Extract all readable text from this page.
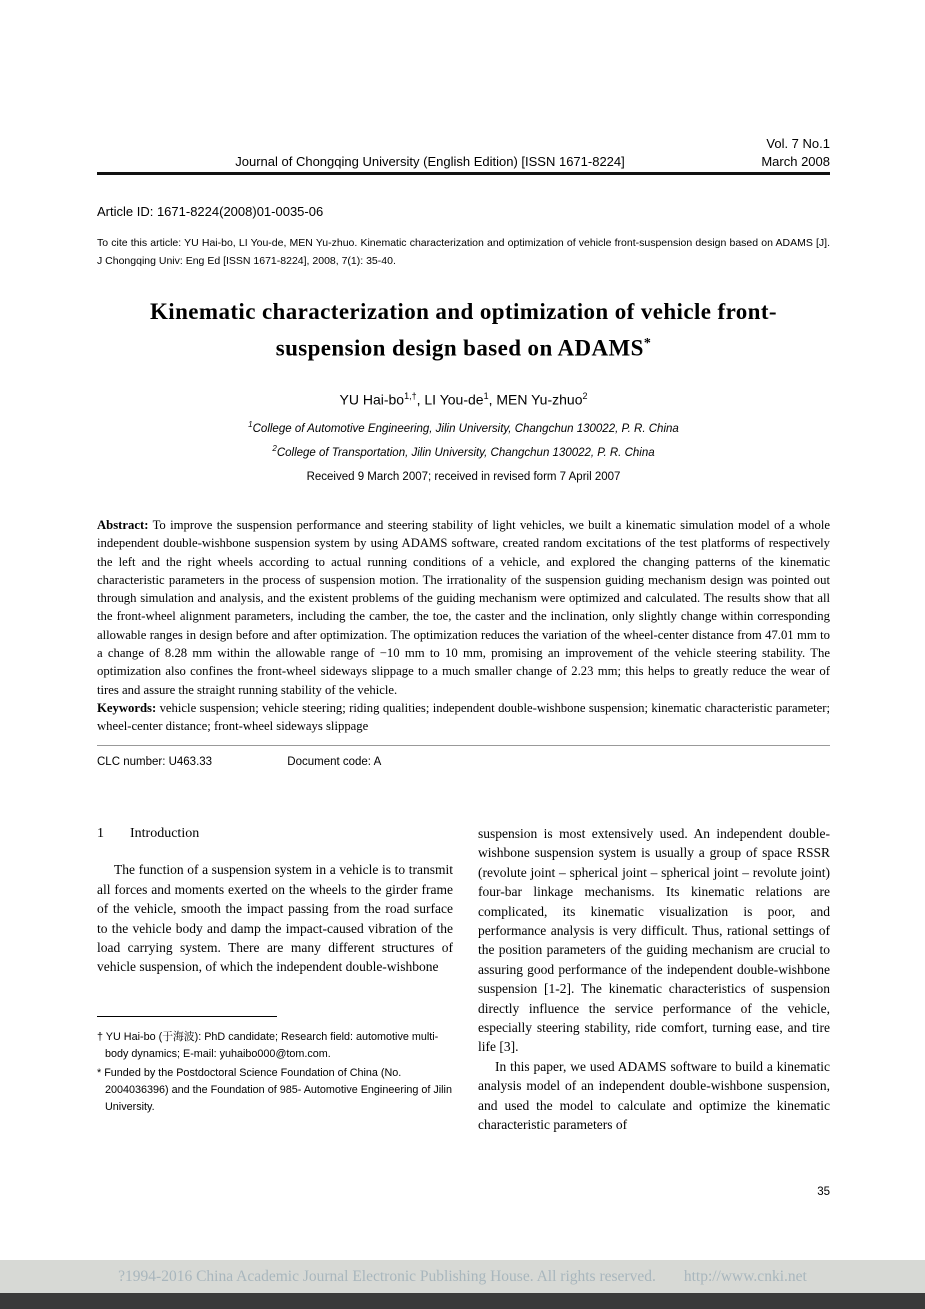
Vol. 7 No.1
March 2008
Journal of Chongqing University (English Edition) [ISSN 1671-8224]
Article ID: 1671-8224(2008)01-0035-06
To cite this article: YU Hai-bo, LI You-de, MEN Yu-zhuo. Kinematic characterization and optimization of vehicle front-suspension design based on ADAMS [J]. J Chongqing Univ: Eng Ed [ISSN 1671-8224], 2008, 7(1): 35-40.
Kinematic characterization and optimization of vehicle front-
suspension design based on ADAMS*
YU Hai-$bo^{1,\dagger}$, LI You-$de^1$, MEN Yu-zhuo$^2$
$^1$College of Automotive Engineering, Jilin University, Changchun 130022, P. R. China
$^2$College of Transportation, Jilin University, Changchun 130022, P. R. China
Received 9 March 2007; received in revised form 7 April 2007

Abstract: To improve the suspension performance and steering stability of light vehicles, we built a kinematic simulation model of a whole independent double-wishbone suspension system by using ADAMS software, created random excitations of the test platforms of respectively the left and the right wheels according to actual running conditions of a vehicle, and explored the changing patterns of the kinematic characteristic parameters in the process of suspension motion. The irrationality of the suspension guiding mechanism design was pointed out through simulation and analysis, and the existent problems of the guiding mechanism were optimized and calculated. The results show that all the front-wheel alignment parameters, including the camber, the toe, the caster and the inclination, only slightly change within corresponding allowable ranges in design before and after optimization. The optimization reduces the variation of the wheel-center distance from 47.01 mm to a change of 8.28 mm within the allowable range of −10 mm to 10 mm, promising an improvement of the vehicle steering stability. The optimization also confines the front-wheel sideways slippage to a much smaller change of 2.23 mm; this helps to greatly reduce the wear of tires and assure the straight running stability of the vehicle.

Keywords: vehicle suspension; vehicle steering; riding qualities; independent double-wishbone suspension; kinematic characteristic parameter; wheel-center distance; front-wheel sideways slippage

CLC number: U463.33	Document code: A
1 Introduction

The function of a suspension system in a vehicle is to transmit all forces and moments exerted on the wheels to the girder frame of the vehicle, smooth the impact passing from the road surface to the vehicle body and damp the impact-caused vibration of the load carrying system. There are many different structures of vehicle suspension, of which the independent double-wishbone

suspension is most extensively used. An independent double-wishbone suspension system is usually a group of space RSSR (revolute joint – spherical joint – spherical joint – revolute joint) four-bar linkage mechanisms. Its kinematic relations are complicated, its kinematic visualization is poor, and performance analysis is very difficult. Thus, rational settings of the position parameters of the guiding mechanism are crucial to assuring good performance of the independent double-wishbone suspension [1-2]. The kinematic characteristics of suspension directly influence the service performance of the vehicle, especially steering stability, ride comfort, turning ease, and tire life [3].

In this paper, we used ADAMS software to build a kinematic analysis model of an independent double-wishbone suspension, and used the model to calculate and optimize the kinematic characteristic parameters of

† YU Hai-bo (于海波): PhD candidate; Research field: automotive multi-body dynamics; E-mail: yuhaibo000@tom.com.

* Funded by the Postdoctoral Science Foundation of China (No. 2004036396) and the Foundation of 985- Automotive Engineering of Jilin University.

35
?1994-2016 China Academic Journal Electronic Publishing House. All rights reserved. http://www.cnki.net
